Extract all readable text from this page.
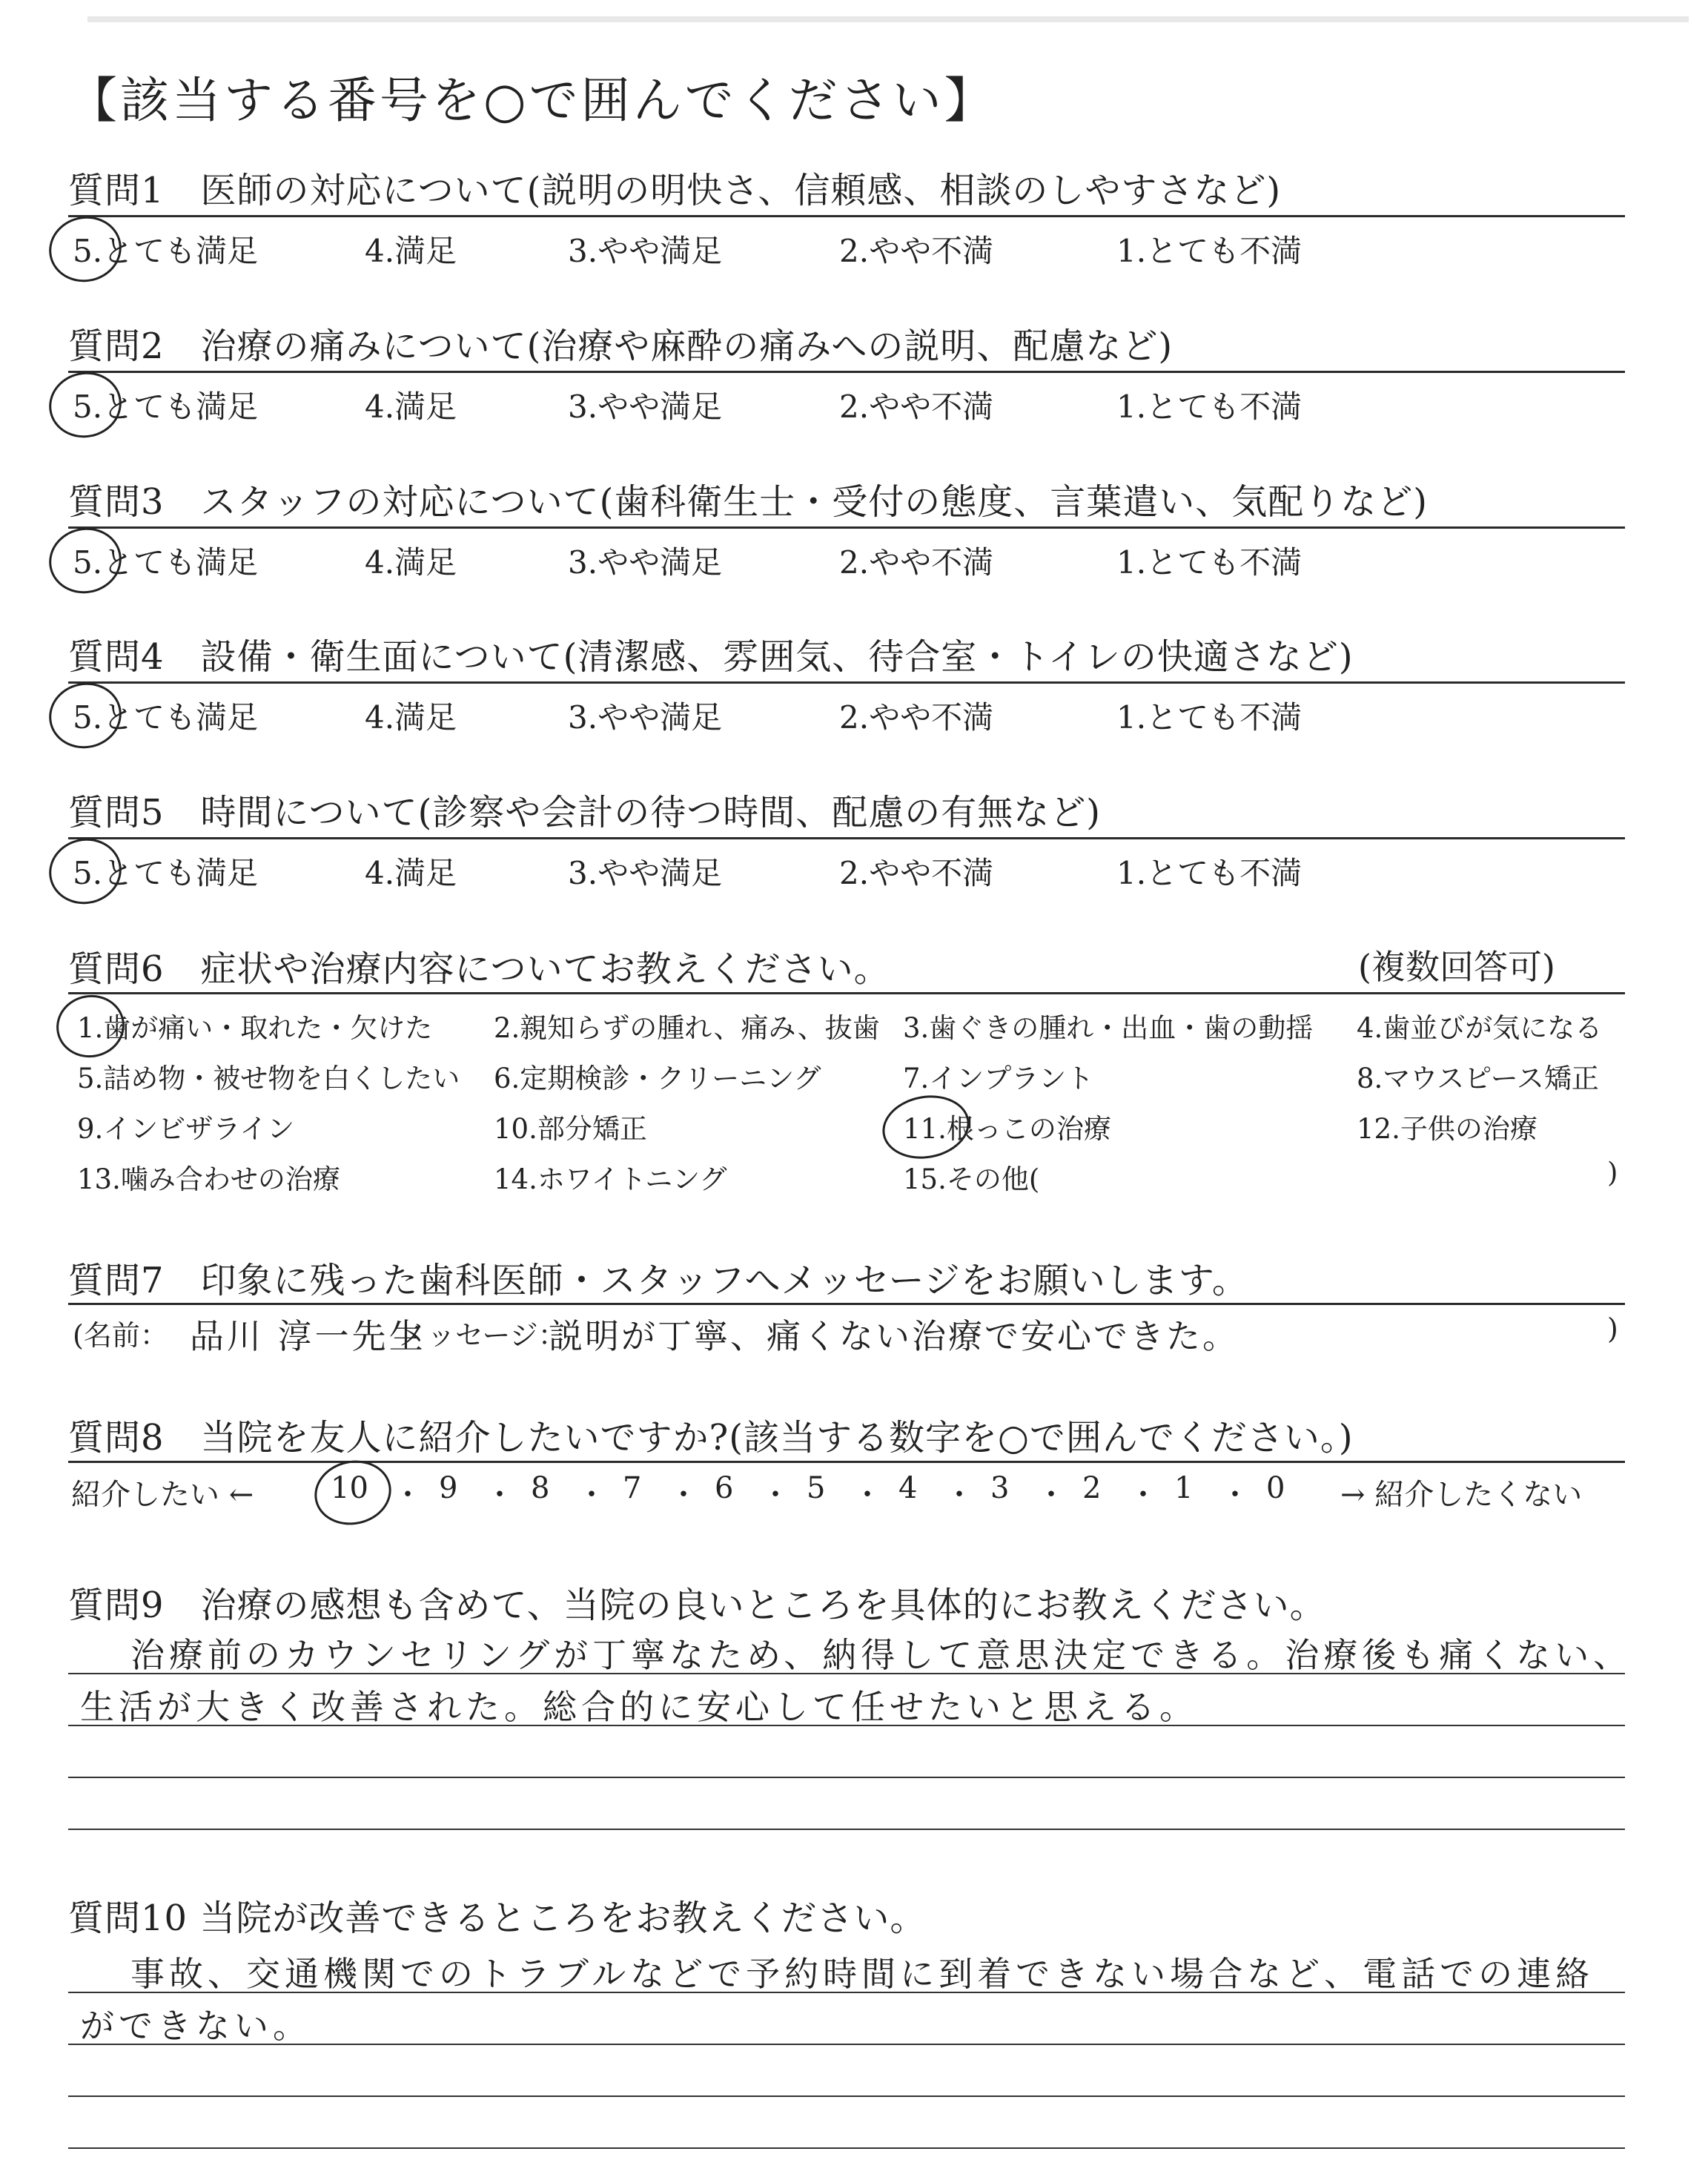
【該当する番号を○で囲んでください】
質問1　医師の対応について(説明の明快さ、信頼感、相談のしやすさなど)
5.とても満足	4.満足	3.やや満足	2.やや不満	1.とても不満
質問2　治療の痛みについて(治療や麻酔の痛みへの説明、配慮など)
5.とても満足	4.満足	3.やや満足	2.やや不満	1.とても不満
質問3　スタッフの対応について(歯科衛生士・受付の態度、言葉遣い、気配りなど)
5.とても満足	4.満足	3.やや満足	2.やや不満	1.とても不満
質問4　設備・衛生面について(清潔感、雰囲気、待合室・トイレの快適さなど)
5.とても満足	4.満足	3.やや満足	2.やや不満	1.とても不満
質問5　時間について(診察や会計の待つ時間、配慮の有無など)
5.とても満足	4.満足	3.やや満足	2.やや不満	1.とても不満
質問6　症状や治療内容についてお教えください。	(複数回答可)
1.歯が痛い・取れた・欠けた 2.親知らずの腫れ、痛み、抜歯 3.歯ぐきの腫れ・出血・歯の動揺 4.歯並びが気になる
5.詰め物・被せ物を白くしたい 6.定期検診・クリーニング	7.インプラント	8.マウスピース矯正
9.インビザライン	10.部分矯正	11.根っこの治療	12.子供の治療
13.噛み合わせの治療	14.ホワイトニング	15.その他(	)
質問7　印象に残った歯科医師・スタッフへメッセージをお願いします。
(名前： 品川 淳一先生
メッセージ：
説明が丁寧、痛くない治療で安心できた。	)
質問8　当院を友人に紹介したいですか?(該当する数字を○で囲んでください。)
紹介したい ←	10 ・ 9 ・ 8 ・ 7 ・ 6 ・ 5 ・ 4 ・ 3 ・ 2 ・ 1 ・ 0 → 紹介したくない
質問9　治療の感想も含めて、当院の良いところを具体的にお教えください。
治療前のカウンセリングが丁寧なため、納得して意思決定できる。治療後も痛くない、
生活が大きく改善された。総合的に安心して任せたいと思える。
質問10 当院が改善できるところをお教えください。
事故、交通機関でのトラブルなどで予約時間に到着できない場合など、電話での連絡
ができない。
